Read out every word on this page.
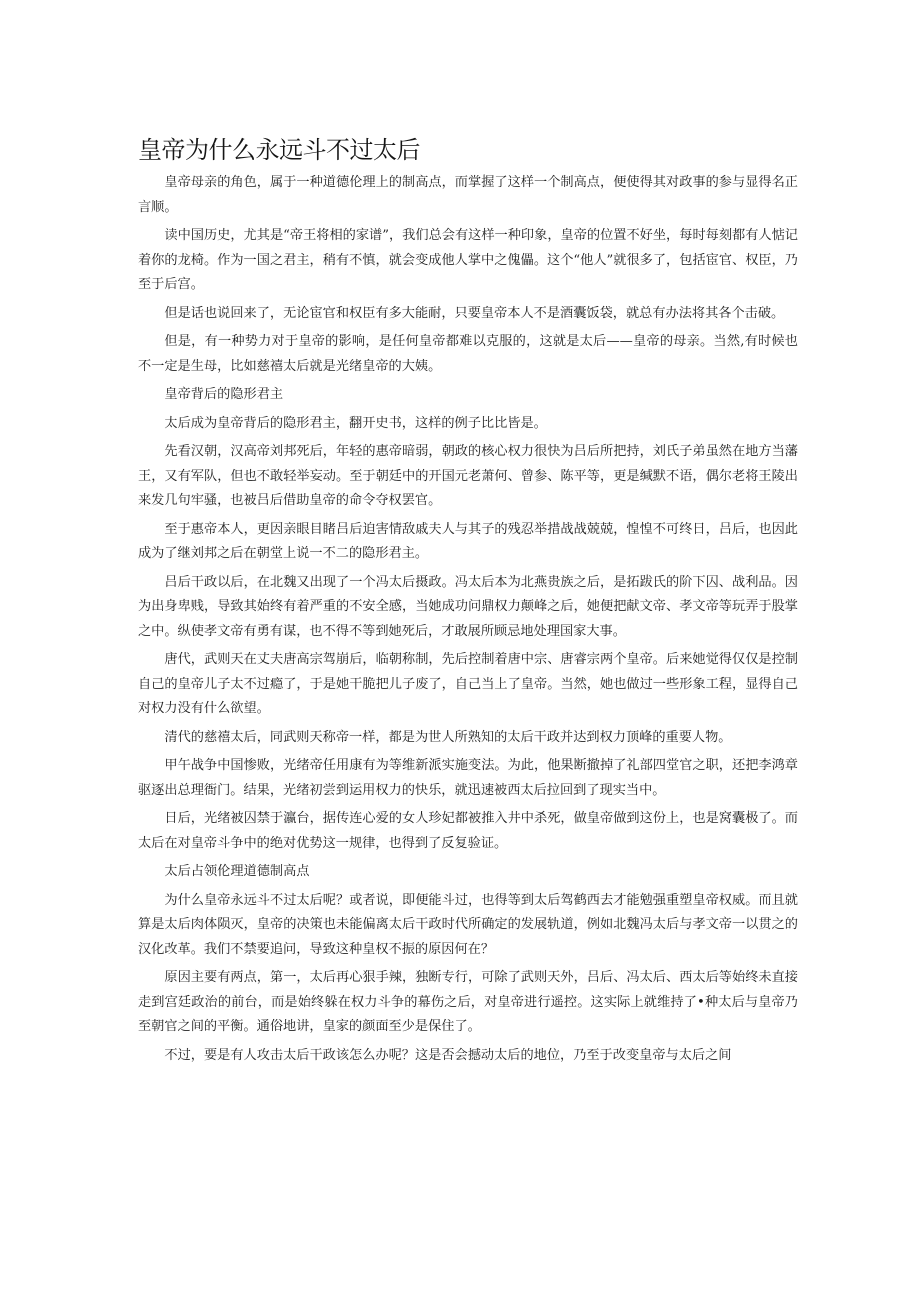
皇帝为什么永远斗不过太后

皇帝母亲的角色，属于一种道德伦理上的制高点，而掌握了这样一个制高点，便使得其对政事的参与显得名正言顺。

读中国历史，尤其是“帝王将相的家谱”，我们总会有这样一种印象，皇帝的位置不好坐，每时每刻都有人惦记着你的龙椅。作为一国之君主，稍有不慎，就会变成他人掌中之傀儡。这个“他人”就很多了，包括宦官、权臣，乃至于后宫。

但是话也说回来了，无论宦官和权臣有多大能耐，只要皇帝本人不是酒囊饭袋，就总有办法将其各个击破。

但是，有一种势力对于皇帝的影响，是任何皇帝都难以克服的，这就是太后——皇帝的母亲。当然,有时候也不一定是生母，比如慈禧太后就是光绪皇帝的大姨。

皇帝背后的隐形君主

太后成为皇帝背后的隐形君主，翻开史书，这样的例子比比皆是。

先看汉朝，汉高帝刘邦死后，年轻的惠帝暗弱，朝政的核心权力很快为吕后所把持，刘氏子弟虽然在地方当藩王，又有军队，但也不敢轻举妄动。至于朝廷中的开国元老萧何、曾参、陈平等，更是缄默不语，偶尔老将王陵出来发几句牢骚，也被吕后借助皇帝的命令夺权罢官。

至于惠帝本人，更因亲眼目睹吕后迫害情敌戚夫人与其子的残忍举措战战兢兢，惶惶不可终日，吕后，也因此成为了继刘邦之后在朝堂上说一不二的隐形君主。

吕后干政以后，在北魏又出现了一个冯太后摄政。冯太后本为北燕贵族之后，是拓跋氏的阶下囚、战利品。因为出身卑贱，导致其始终有着严重的不安全感，当她成功问鼎权力颠峰之后，她便把献文帝、孝文帝等玩弄于股掌之中。纵使孝文帝有勇有谋，也不得不等到她死后，才敢展所顾忌地处理国家大事。

唐代，武则天在丈夫唐高宗驾崩后，临朝称制，先后控制着唐中宗、唐睿宗两个皇帝。后来她觉得仅仅是控制自己的皇帝儿子太不过瘾了，于是她干脆把儿子废了，自己当上了皇帝。当然，她也做过一些形象工程，显得自己对权力没有什么欲望。

清代的慈禧太后，同武则天称帝一样，都是为世人所熟知的太后干政并达到权力顶峰的重要人物。

甲午战争中国惨败，光绪帝任用康有为等维新派实施变法。为此，他果断撤掉了礼部四堂官之职，还把李鸿章驱逐出总理衙门。结果，光绪初尝到运用权力的快乐，就迅速被西太后拉回到了现实当中。

日后，光绪被囚禁于瀛台，据传连心爱的女人珍妃都被推入井中杀死，做皇帝做到这份上，也是窝囊极了。而太后在对皇帝斗争中的绝对优势这一规律，也得到了反复验证。

太后占领伦理道德制高点

为什么皇帝永远斗不过太后呢？或者说，即便能斗过，也得等到太后驾鹤西去才能勉强重塑皇帝权威。而且就算是太后肉体陨灭，皇帝的决策也未能偏离太后干政时代所确定的发展轨道，例如北魏冯太后与孝文帝一以贯之的汉化改革。我们不禁要追问，导致这种皇权不振的原因何在？

原因主要有两点，第一，太后再心狠手辣，独断专行，可除了武则天外，吕后、冯太后、西太后等始终未直接走到宫廷政治的前台，而是始终躲在权力斗争的幕伤之后，对皇帝进行遥控。这实际上就维持了•种太后与皇帝乃至朝官之间的平衡。通俗地讲，皇家的颜面至少是保住了。

不过，要是有人攻击太后干政该怎么办呢？这是否会撼动太后的地位，乃至于改变皇帝与太后之间
